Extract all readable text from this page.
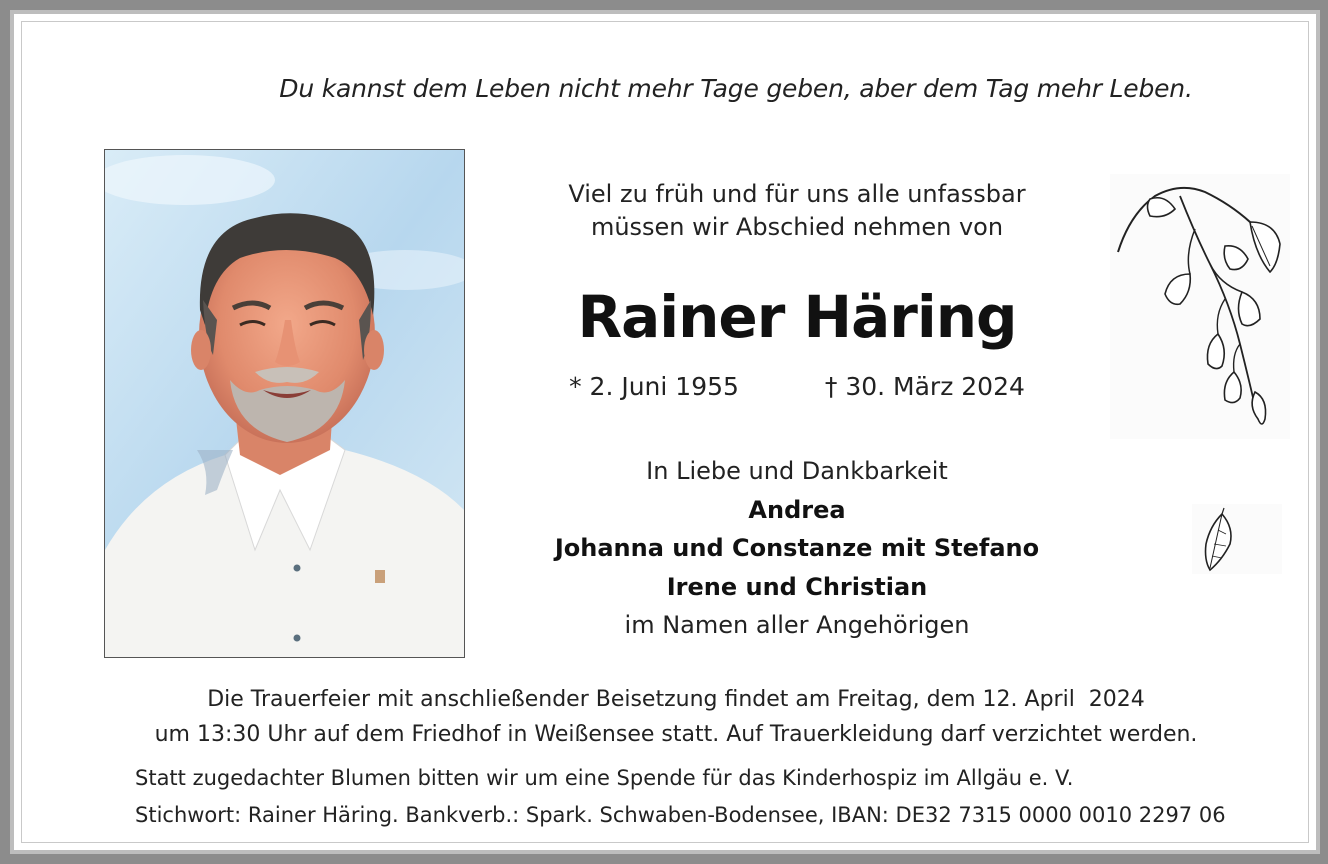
Du kannst dem Leben nicht mehr Tage geben, aber dem Tag mehr Leben.
Viel zu früh und für uns alle unfassbar
müssen wir Abschied nehmen von
Rainer Häring
* 2. Juni 1955	† 30. März 2024
In Liebe und Dankbarkeit
Andrea
Johanna und Constanze mit Stefano
Irene und Christian
im Namen aller Angehörigen
Die Trauerfeier mit anschließender Beisetzung findet am Freitag, dem 12. April  2024
um 13:30 Uhr auf dem Friedhof in Weißensee statt. Auf Trauerkleidung darf verzichtet werden.
Statt zugedachter Blumen bitten wir um eine Spende für das Kinderhospiz im Allgäu e. V.
Stichwort: Rainer Häring. Bankverb.: Spark. Schwaben-Bodensee, IBAN: DE32 7315 0000 0010 2297 06
